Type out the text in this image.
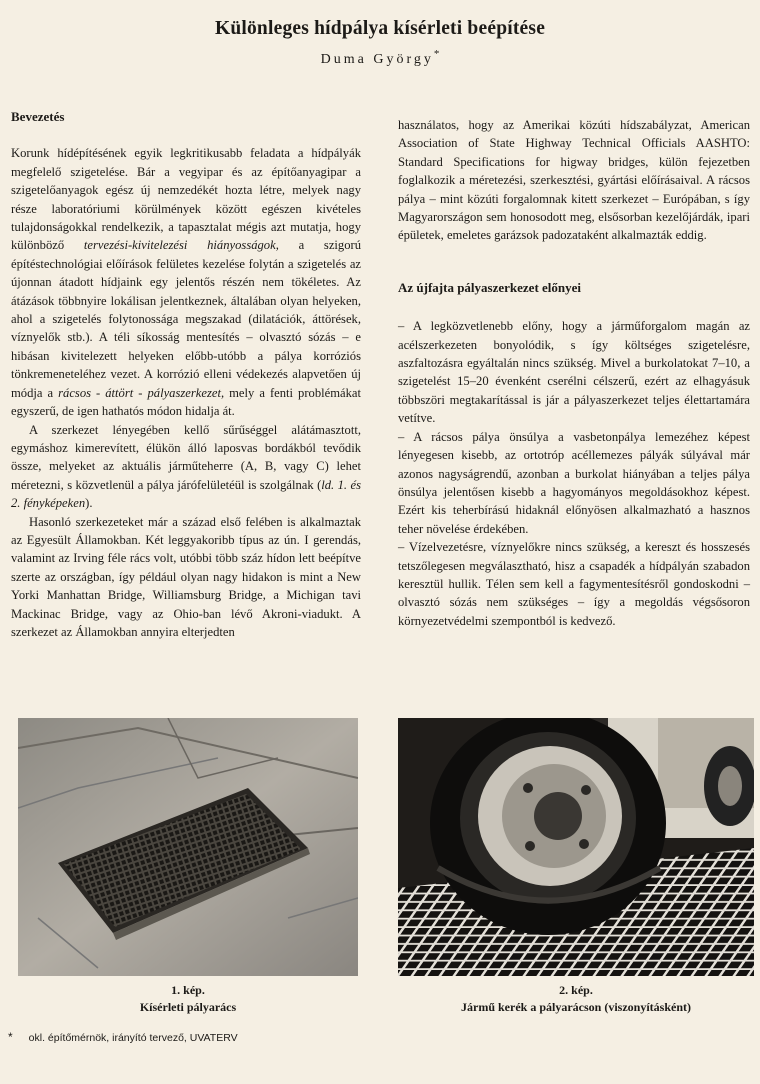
Különleges hídpálya kísérleti beépítése
Duma György*
Bevezetés

Korunk hídépítésének egyik legkritikusabb feladata a hídpályák megfelelő szigetelése. Bár a vegyipar és az építőanyagipar a szigetelőanyagok egész új nemzedékét hozta létre, melyek nagy része laboratóriumi körülmények között egészen kivételes tulajdonságokkal rendelkezik, a tapasztalat mégis azt mutatja, hogy különböző tervezési-kivitelezési hiányosságok, a szigorú építéstechnológiai előírások felületes kezelése folytán a szigetelés az újonnan átadott hídjaink egy jelentős részén nem tökéletes. Az átázások többnyire lokálisan jelentkeznek, általában olyan helyeken, ahol a szigetelés folytonossága megszakad (dilatációk, áttörések, víznyelők stb.). A téli síkosság mentesítés – olvasztó sózás – e hibásan kivitelezett helyeken előbb-utóbb a pálya korróziós tönkremeneteléhez vezet. A korrózió elleni védekezés alapvetően új módja a rácsos - áttört - pályaszerkezet, mely a fenti problémákat egyszerű, de igen hathatós módon hidalja át.

A szerkezet lényegében kellő sűrűséggel alátámasztott, egymáshoz kimerevített, élükön álló laposvas bordákból tevődik össze, melyeket az aktuális járműteherre (A, B, vagy C) lehet méretezni, s közvetlenül a pálya járófelületéül is szolgálnak (ld. 1. és 2. fényképeken).

Hasonló szerkezeteket már a század első felében is alkalmaztak az Egyesült Államokban. Két leggyakoribb típus az ún. I gerendás, valamint az Irving féle rács volt, utóbbi több száz hídon lett beépítve szerte az országban, így például olyan nagy hidakon is mint a New Yorki Manhattan Bridge, Williamsburg Bridge, a Michigan tavi Mackinac Bridge, vagy az Ohio-ban lévő Akroni-viadukt. A szerkezet az Államokban annyira elterjedten

használatos, hogy az Amerikai közúti hídszabályzat, American Association of State Highway Technical Officials AASHTO: Standard Specifications for higway bridges, külön fejezetben foglalkozik a méretezési, szerkesztési, gyártási előírásaival. A rácsos pálya – mint közúti forgalomnak kitett szerkezet – Európában, s így Magyarországon sem honosodott meg, elsősorban kezelőjárdák, ipari épületek, emeletes garázsok padozataként alkalmazták eddig.

Az újfajta pályaszerkezet előnyei

– A legközvetlenebb előny, hogy a járműforgalom magán az acélszerkezeten bonyolódik, s így költséges szigetelésre, aszfaltozásra egyáltalán nincs szükség. Mivel a burkolatokat 7–10, a szigetelést 15–20 évenként cserélni célszerű, ezért az elhagyásuk többszöri megtakarítással is jár a pályaszerkezet teljes élettartamára vetítve.

– A rácsos pálya önsúlya a vasbetonpálya lemezéhez képest lényegesen kisebb, az ortotróp acéllemezes pályák súlyával már azonos nagyságrendű, azonban a burkolat hiányában a teljes pálya önsúlya jelentősen kisebb a hagyományos megoldásokhoz képest. Ezért kis teherbírású hidaknál előnyösen alkalmazható a hasznos teher növelése érdekében.

– Vízelvezetésre, víznyelőkre nincs szükség, a kereszt és hosszesés tetszőlegesen megválasztható, hisz a csapadék a hídpályán szabadon keresztül hullik. Télen sem kell a fagymentesítésről gondoskodni – olvasztó sózás nem szükséges – így a megoldás végsősoron környezetvédelmi szempontból is kedvező.

1. kép.
Kísérleti pályarács
2. kép.
Jármű kerék a pályarácson (viszonyításként)
* okl. építőmérnök, irányító tervező, UVATERV
